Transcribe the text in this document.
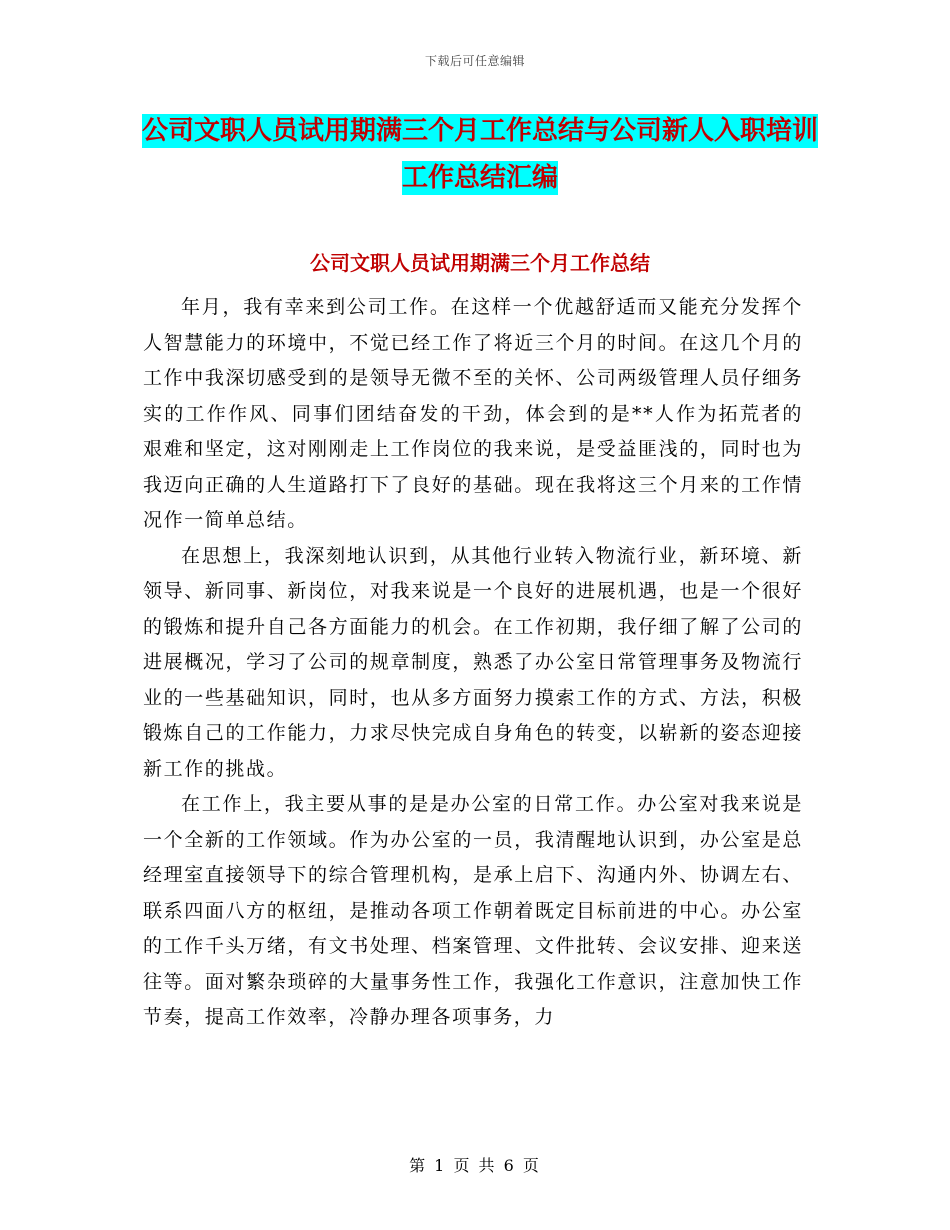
下载后可任意编辑
公司文职人员试用期满三个月工作总结与公司新人入职培训工作总结汇编
公司文职人员试用期满三个月工作总结

年月，我有幸来到公司工作。在这样一个优越舒适而又能充分发挥个人智慧能力的环境中，不觉已经工作了将近三个月的时间。在这几个月的工作中我深切感受到的是领导无微不至的关怀、公司两级管理人员仔细务实的工作作风、同事们团结奋发的干劲，体会到的是**人作为拓荒者的艰难和坚定，这对刚刚走上工作岗位的我来说，是受益匪浅的，同时也为我迈向正确的人生道路打下了良好的基础。现在我将这三个月来的工作情况作一简单总结。

在思想上，我深刻地认识到，从其他行业转入物流行业，新环境、新领导、新同事、新岗位，对我来说是一个良好的进展机遇，也是一个很好的锻炼和提升自己各方面能力的机会。在工作初期，我仔细了解了公司的进展概况，学习了公司的规章制度，熟悉了办公室日常管理事务及物流行业的一些基础知识，同时，也从多方面努力摸索工作的方式、方法，积极锻炼自己的工作能力，力求尽快完成自身角色的转变，以崭新的姿态迎接新工作的挑战。

在工作上，我主要从事的是是办公室的日常工作。办公室对我来说是一个全新的工作领域。作为办公室的一员，我清醒地认识到，办公室是总经理室直接领导下的综合管理机构，是承上启下、沟通内外、协调左右、联系四面八方的枢纽，是推动各项工作朝着既定目标前进的中心。办公室的工作千头万绪，有文书处理、档案管理、文件批转、会议安排、迎来送往等。面对繁杂琐碎的大量事务性工作，我强化工作意识，注意加快工作节奏，提高工作效率，冷静办理各项事务，力

第 1 页 共 6 页
